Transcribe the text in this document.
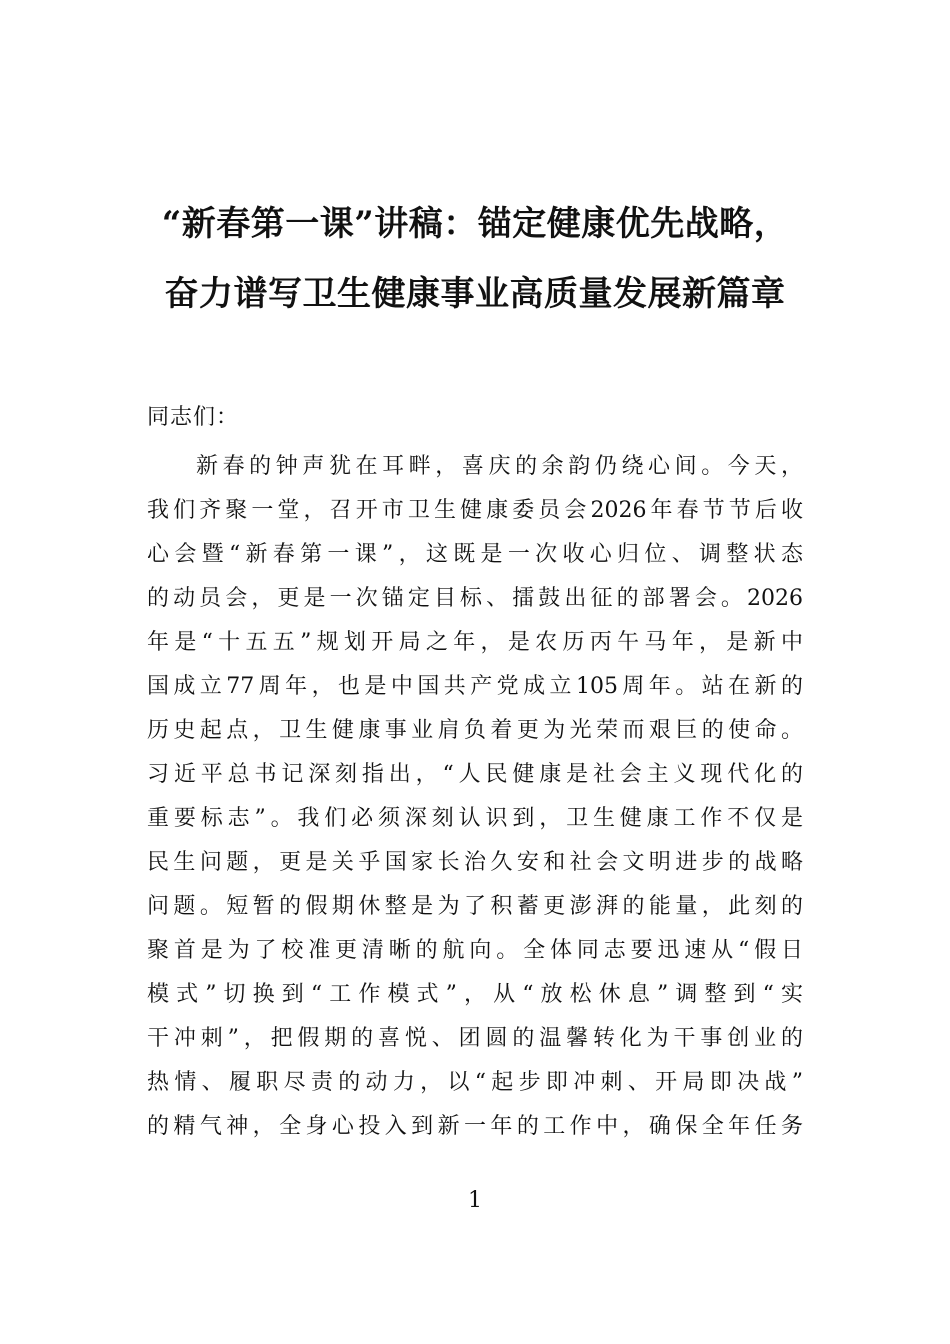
“新春第一课”讲稿：锚定健康优先战略，
奋力谱写卫生健康事业高质量发展新篇章
同志们：
新春的钟声犹在耳畔，喜庆的余韵仍绕心间。今天，
我们齐聚一堂，召开市卫生健康委员会2026年春节节后收
心会暨“新春第一课”，这既是一次收心归位、调整状态
的动员会，更是一次锚定目标、擂鼓出征的部署会。2026
年是“十五五”规划开局之年，是农历丙午马年，是新中
国成立77周年，也是中国共产党成立105周年。站在新的
历史起点，卫生健康事业肩负着更为光荣而艰巨的使命。
习近平总书记深刻指出，“人民健康是社会主义现代化的
重要标志”。我们必须深刻认识到，卫生健康工作不仅是
民生问题，更是关乎国家长治久安和社会文明进步的战略
问题。短暂的假期休整是为了积蓄更澎湃的能量，此刻的
聚首是为了校准更清晰的航向。全体同志要迅速从“假日
模式”切换到“工作模式”，从“放松休息”调整到“实
干冲刺”，把假期的喜悦、团圆的温馨转化为干事创业的
热情、履职尽责的动力，以“起步即冲刺、开局即决战”
的精气神，全身心投入到新一年的工作中，确保全年任务
1
